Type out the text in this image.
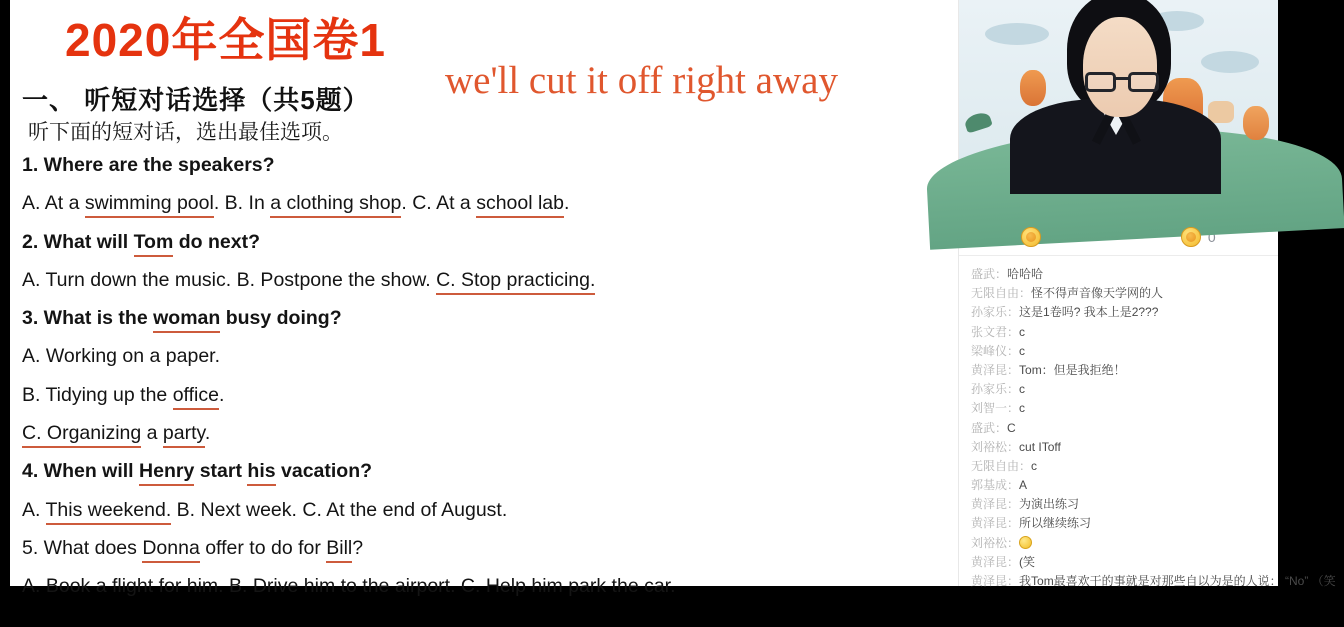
2020年全国卷1
we'll cut it off right away
一、 听短对话选择（共5题）
听下面的短对话，选出最佳选项。
1. Where are the speakers?
A. At a swimming pool. B. In a clothing shop. C. At a school lab.
2. What will Tom do next?
A. Turn down the music. B. Postpone the show. C. Stop practicing.
3. What is the woman busy doing?
A. Working on a paper.
B. Tidying up the office.
C. Organizing a party.
4. When will Henry start his vacation?
A. This weekend. B. Next week. C. At the end of August.
5. What does Donna offer to do for Bill?
A. Book a flight for him. B. Drive him to the airport. C. Help him park the car.
0
盛武：哈哈哈
无限自由：怪不得声音像天学网的人
孙家乐：这是1卷吗? 我本上是2???
张文君：c
梁峰仪：c
黄泽昆：Tom：但是我拒绝！
孙家乐：c
刘智一：c
盛武：C
刘裕松：cut IToff
无限自由：c
郭基成：A
黄泽昆：为演出练习
黄泽昆：所以继续练习
刘裕松：
黄泽昆：(笑
黄泽昆：我Tom最喜欢干的事就是对那些自以为是的人说： “No” （笑
